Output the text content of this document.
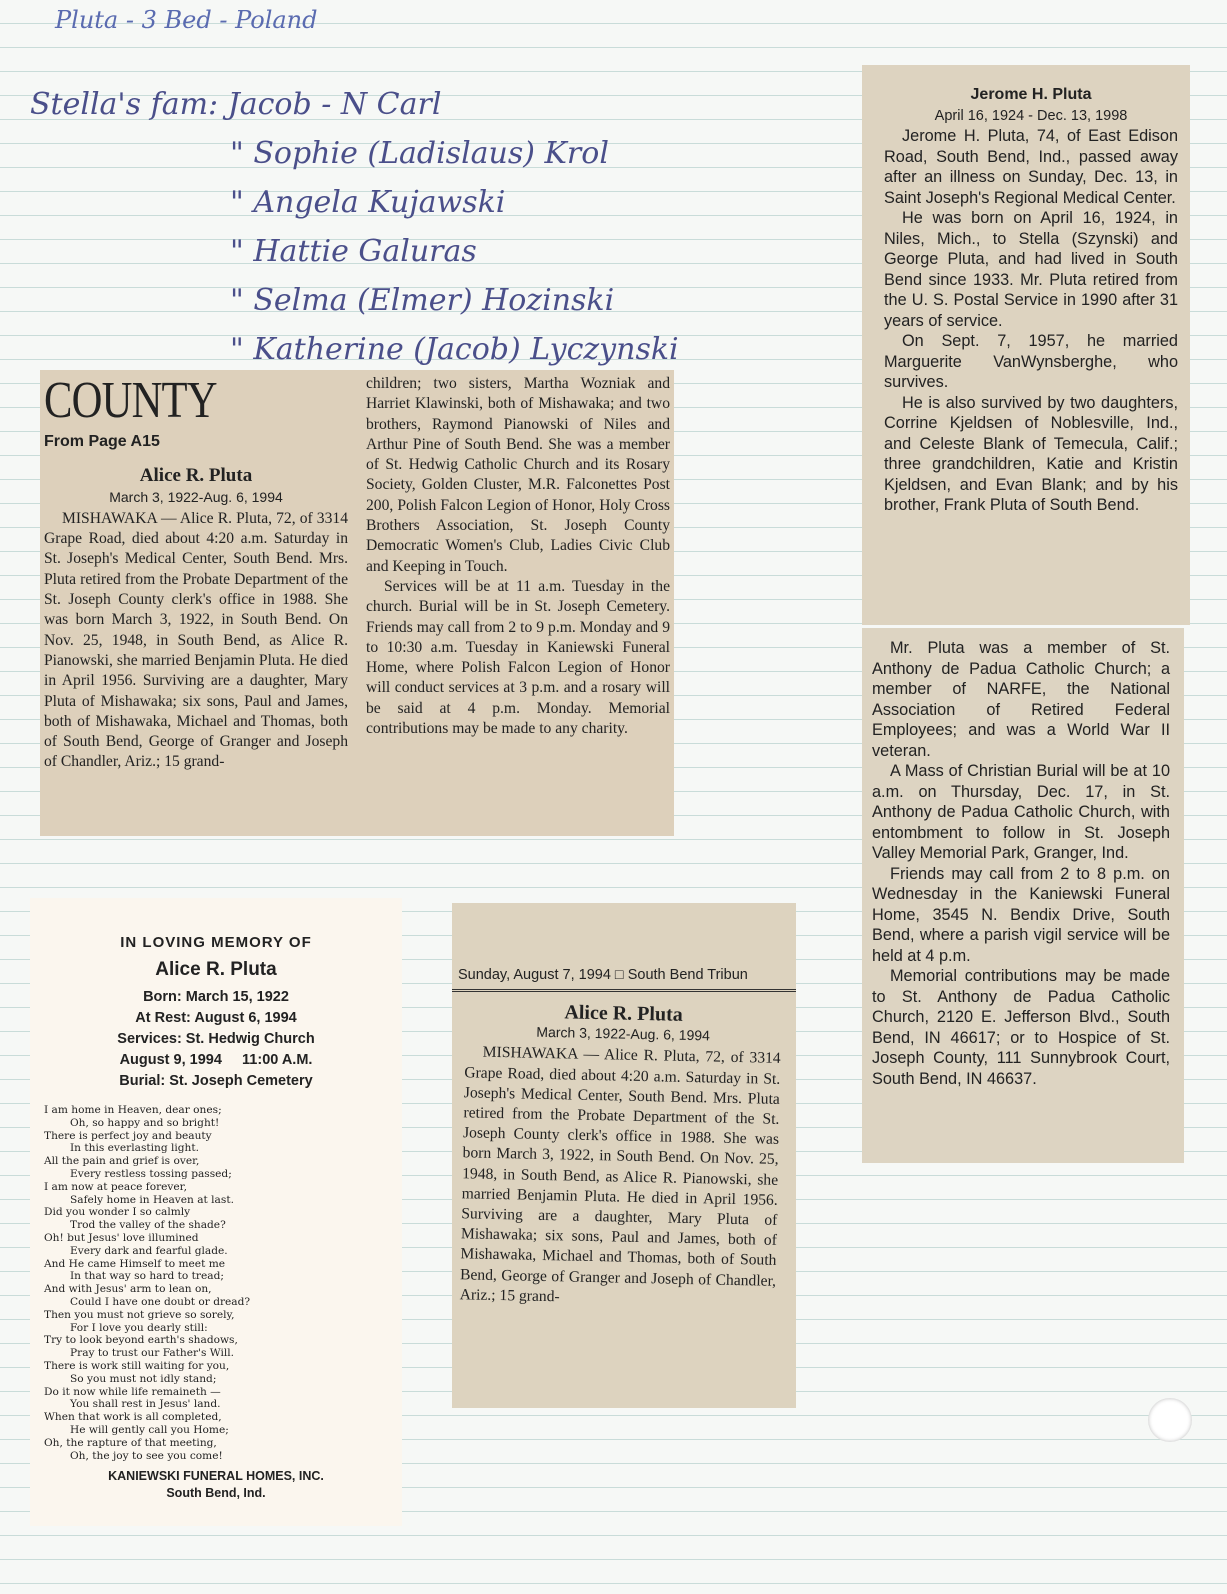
Pluta - 3 Bed - Poland
Stella's fam: Jacob - N Carl
" Sophie (Ladislaus) Krol
" Angela Kujawski
" Hattie Galuras
" Selma (Elmer) Hozinski
" Katherine (Jacob) Lyczynski
COUNTY
From Page A15
Alice R. Pluta
March 3, 1922-Aug. 6, 1994
MISHAWAKA — Alice R. Pluta, 72, of 3314 Grape Road, died about 4:20 a.m. Saturday in St. Joseph's Medical Center, South Bend. Mrs. Pluta retired from the Probate Department of the St. Joseph County clerk's office in 1988. She was born March 3, 1922, in South Bend. On Nov. 25, 1948, in South Bend, as Alice R. Pianowski, she married Benjamin Pluta. He died in April 1956. Surviving are a daughter, Mary Pluta of Mishawaka; six sons, Paul and James, both of Mishawaka, Michael and Thomas, both of South Bend, George of Granger and Joseph of Chandler, Ariz.; 15 grand-
children; two sisters, Martha Wozniak and Harriet Klawinski, both of Mishawaka; and two brothers, Raymond Pianowski of Niles and Arthur Pine of South Bend. She was a member of St. Hedwig Catholic Church and its Rosary Society, Golden Cluster, M.R. Falconettes Post 200, Polish Falcon Legion of Honor, Holy Cross Brothers Association, St. Joseph County Democratic Women's Club, Ladies Civic Club and Keeping in Touch.
Services will be at 11 a.m. Tuesday in the church. Burial will be in St. Joseph Cemetery. Friends may call from 2 to 9 p.m. Monday and 9 to 10:30 a.m. Tuesday in Kaniewski Funeral Home, where Polish Falcon Legion of Honor will conduct services at 3 p.m. and a rosary will be said at 4 p.m. Monday. Memorial contributions may be made to any charity.
Jerome H. Pluta
April 16, 1924 - Dec. 13, 1998
Jerome H. Pluta, 74, of East Edison Road, South Bend, Ind., passed away after an illness on Sunday, Dec. 13, in Saint Joseph's Regional Medical Center.
He was born on April 16, 1924, in Niles, Mich., to Stella (Szynski) and George Pluta, and had lived in South Bend since 1933. Mr. Pluta retired from the U. S. Postal Service in 1990 after 31 years of service.
On Sept. 7, 1957, he married Marguerite VanWynsberghe, who survives.
He is also survived by two daughters, Corrine Kjeldsen of Noblesville, Ind., and Celeste Blank of Temecula, Calif.; three grandchildren, Katie and Kristin Kjeldsen, and Evan Blank; and by his brother, Frank Pluta of South Bend.
Mr. Pluta was a member of St. Anthony de Padua Catholic Church; a member of NARFE, the National Association of Retired Federal Employees; and was a World War II veteran.
A Mass of Christian Burial will be at 10 a.m. on Thursday, Dec. 17, in St. Anthony de Padua Catholic Church, with entombment to follow in St. Joseph Valley Memorial Park, Granger, Ind.
Friends may call from 2 to 8 p.m. on Wednesday in the Kaniewski Funeral Home, 3545 N. Bendix Drive, South Bend, where a parish vigil service will be held at 4 p.m.
Memorial contributions may be made to St. Anthony de Padua Catholic Church, 2120 E. Jefferson Blvd., South Bend, IN 46617; or to Hospice of St. Joseph County, 111 Sunnybrook Court, South Bend, IN 46637.
IN LOVING MEMORY OF
Alice R. Pluta
Born: March 15, 1922
At Rest: August 6, 1994
Services: St. Hedwig Church
August 9, 1994     11:00 A.M.
Burial: St. Joseph Cemetery
I am home in Heaven, dear ones;
Oh, so happy and so bright!
There is perfect joy and beauty
In this everlasting light.
All the pain and grief is over,
Every restless tossing passed;
I am now at peace forever,
Safely home in Heaven at last.
Did you wonder I so calmly
Trod the valley of the shade?
Oh! but Jesus' love illumined
Every dark and fearful glade.
And He came Himself to meet me
In that way so hard to tread;
And with Jesus' arm to lean on,
Could I have one doubt or dread?
Then you must not grieve so sorely,
For I love you dearly still:
Try to look beyond earth's shadows,
Pray to trust our Father's Will.
There is work still waiting for you,
So you must not idly stand;
Do it now while life remaineth —
You shall rest in Jesus' land.
When that work is all completed,
He will gently call you Home;
Oh, the rapture of that meeting,
Oh, the joy to see you come!
KANIEWSKI FUNERAL HOMES, INC.
South Bend, Ind.
Sunday, August 7, 1994 □ South Bend Tribun
Alice R. Pluta
March 3, 1922-Aug. 6, 1994
MISHAWAKA — Alice R. Pluta, 72, of 3314 Grape Road, died about 4:20 a.m. Saturday in St. Joseph's Medical Center, South Bend. Mrs. Pluta retired from the Probate Department of the St. Joseph County clerk's office in 1988. She was born March 3, 1922, in South Bend. On Nov. 25, 1948, in South Bend, as Alice R. Pianowski, she married Benjamin Pluta. He died in April 1956. Surviving are a daughter, Mary Pluta of Mishawaka; six sons, Paul and James, both of Mishawaka, Michael and Thomas, both of South Bend, George of Granger and Joseph of Chandler, Ariz.; 15 grand-
